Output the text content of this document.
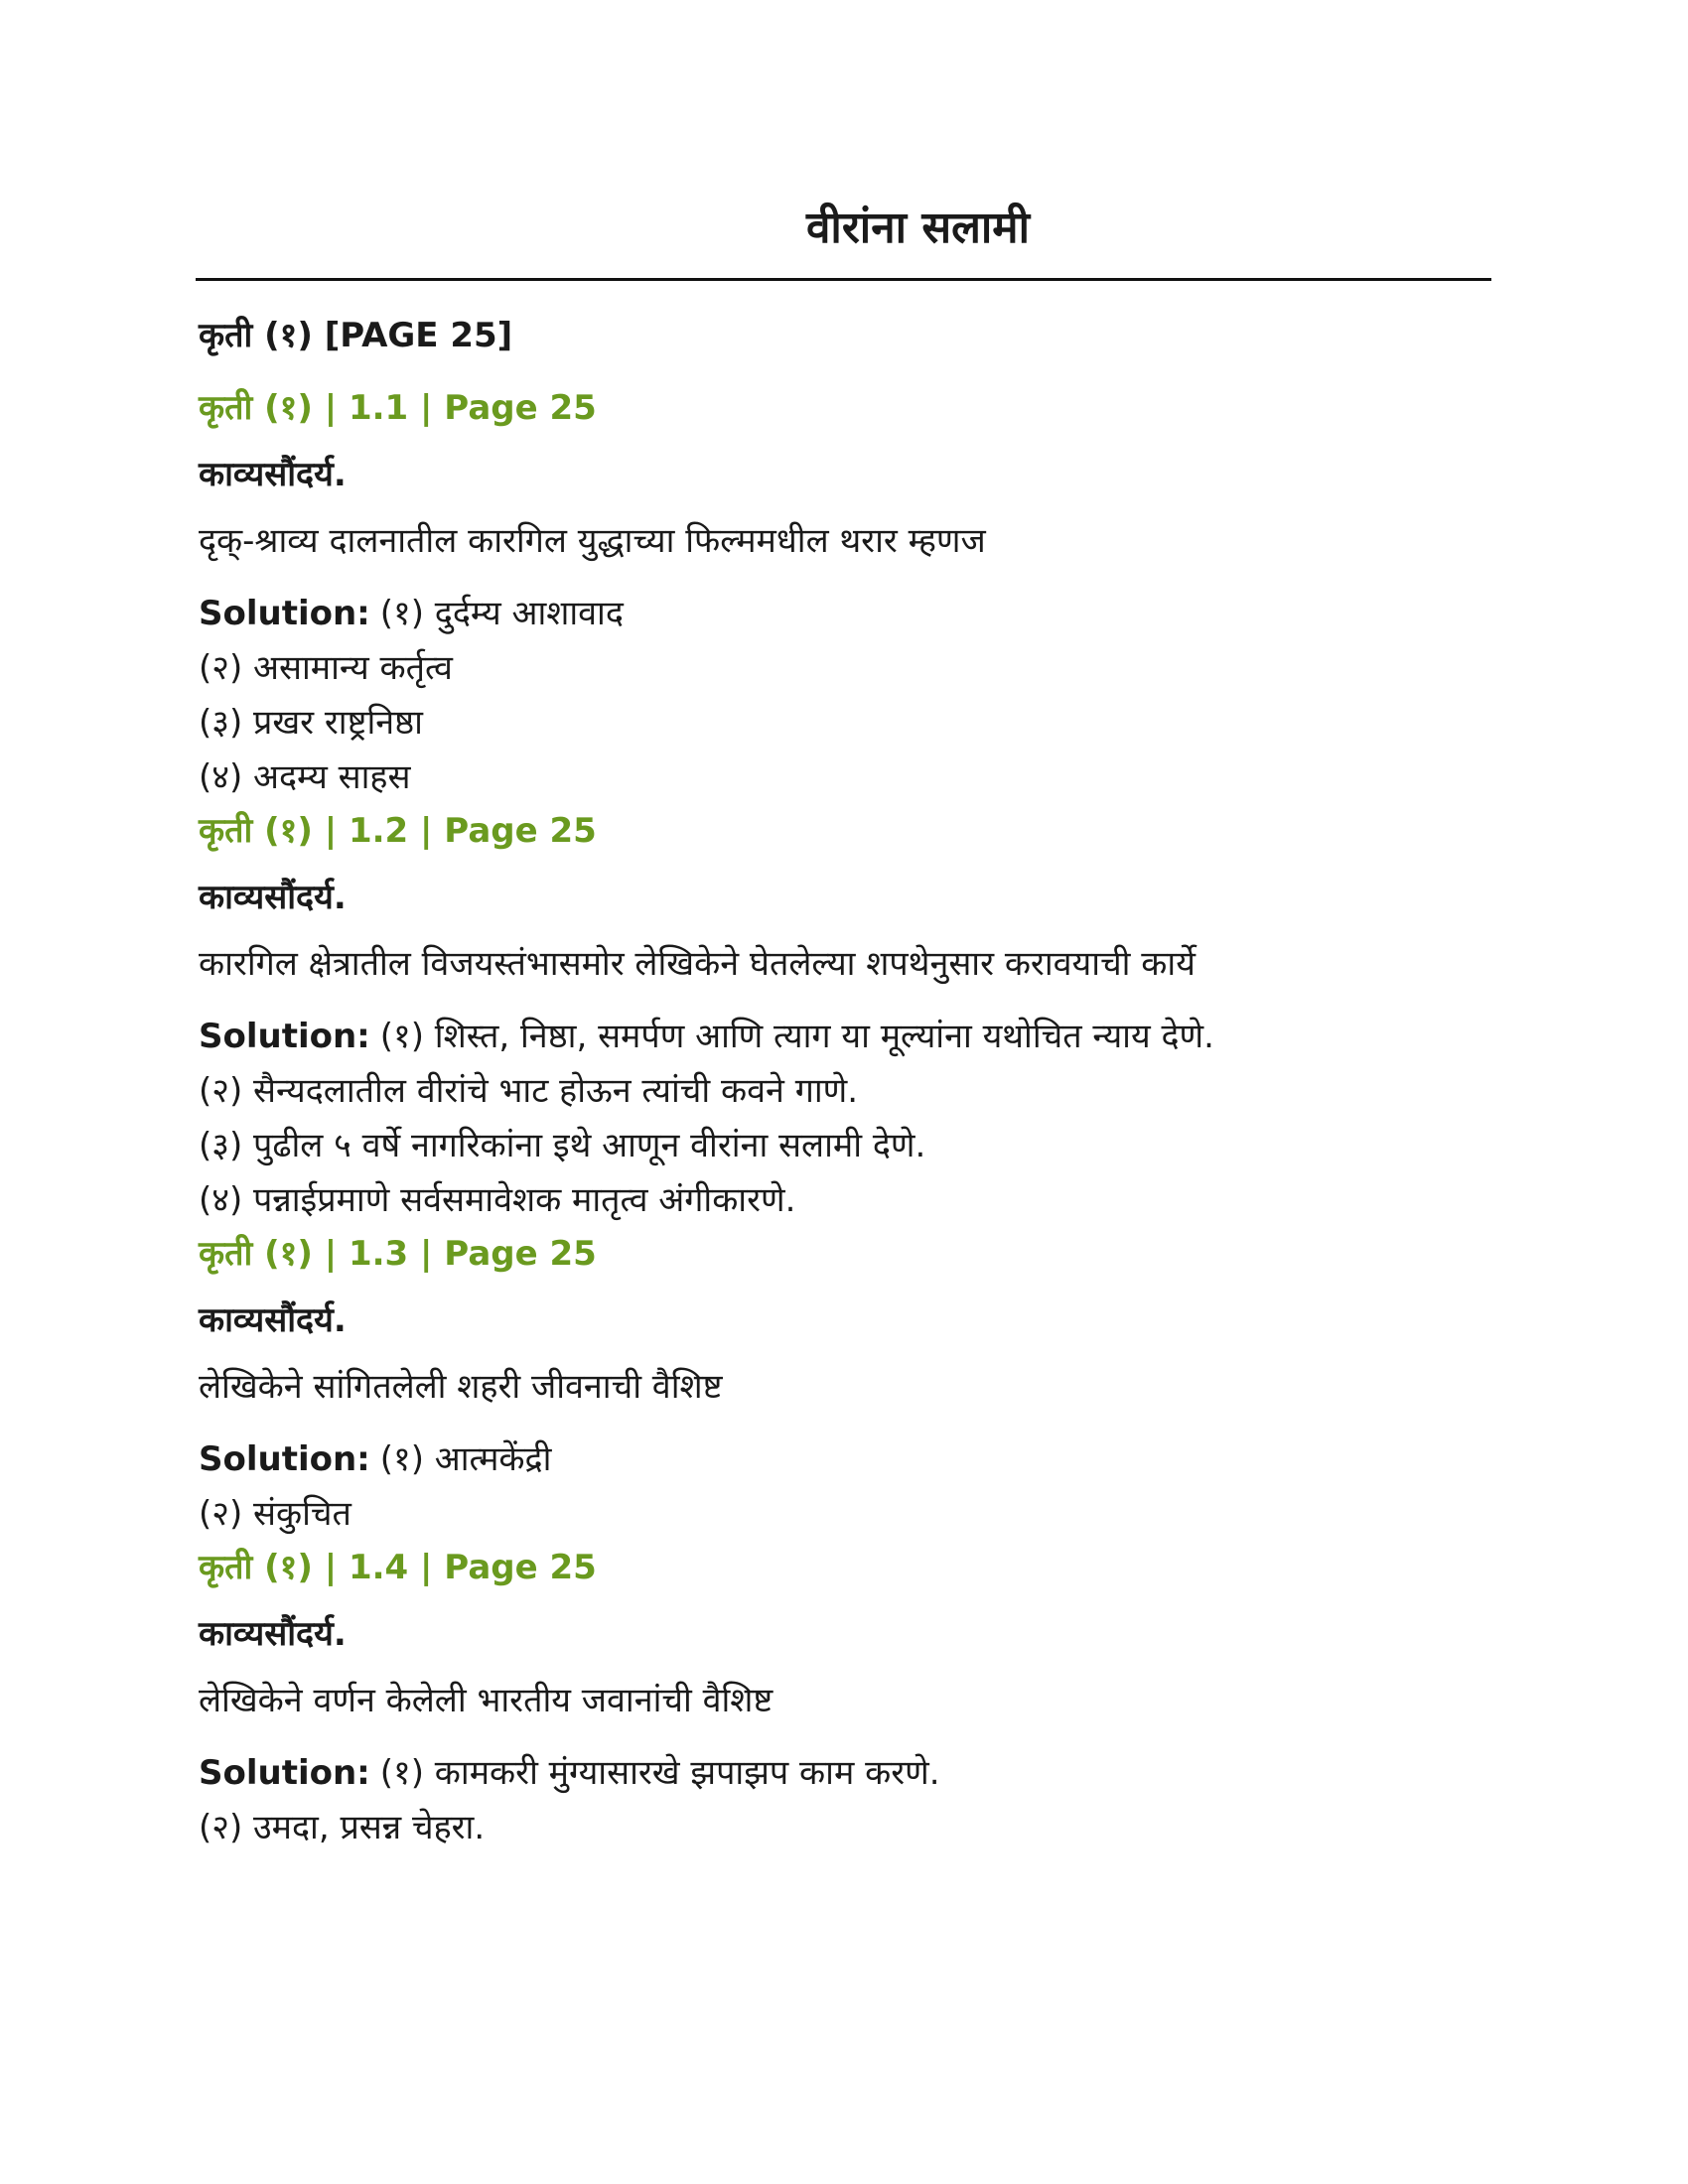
वीरांना सलामी
कृती (१) [PAGE 25]
कृती (१) | 1.1 | Page 25
काव्यसौंदर्य.
दृक्-श्राव्य दालनातील कारगिल युद्धाच्या फिल्ममधील थरार म्हणज
Solution: (१) दुर्दम्य आशावाद
(२) असामान्य कर्तृत्व
(३) प्रखर राष्ट्रनिष्ठा
(४) अदम्य साहस
कृती (१) | 1.2 | Page 25
काव्यसौंदर्य.
कारगिल क्षेत्रातील विजयस्तंभासमोर लेखिकेने घेतलेल्या शपथेनुसार करावयाची कार्ये
Solution: (१) शिस्त, निष्ठा, समर्पण आणि त्याग या मूल्यांना यथोचित न्याय देणे.
(२) सैन्यदलातील वीरांचे भाट होऊन त्यांची कवने गाणे.
(३) पुढील ५ वर्षे नागरिकांना इथे आणून वीरांना सलामी देणे.
(४) पन्नाईप्रमाणे सर्वसमावेशक मातृत्व अंगीकारणे.
कृती (१) | 1.3 | Page 25
काव्यसौंदर्य.
लेखिकेने सांगितलेली शहरी जीवनाची वैशिष्ट
Solution: (१) आत्मकेंद्री
(२) संकुचित
कृती (१) | 1.4 | Page 25
काव्यसौंदर्य.
लेखिकेने वर्णन केलेली भारतीय जवानांची वैशिष्ट
Solution: (१) कामकरी मुंग्यासारखे झपाझप काम करणे.
(२) उमदा, प्रसन्न चेहरा.
